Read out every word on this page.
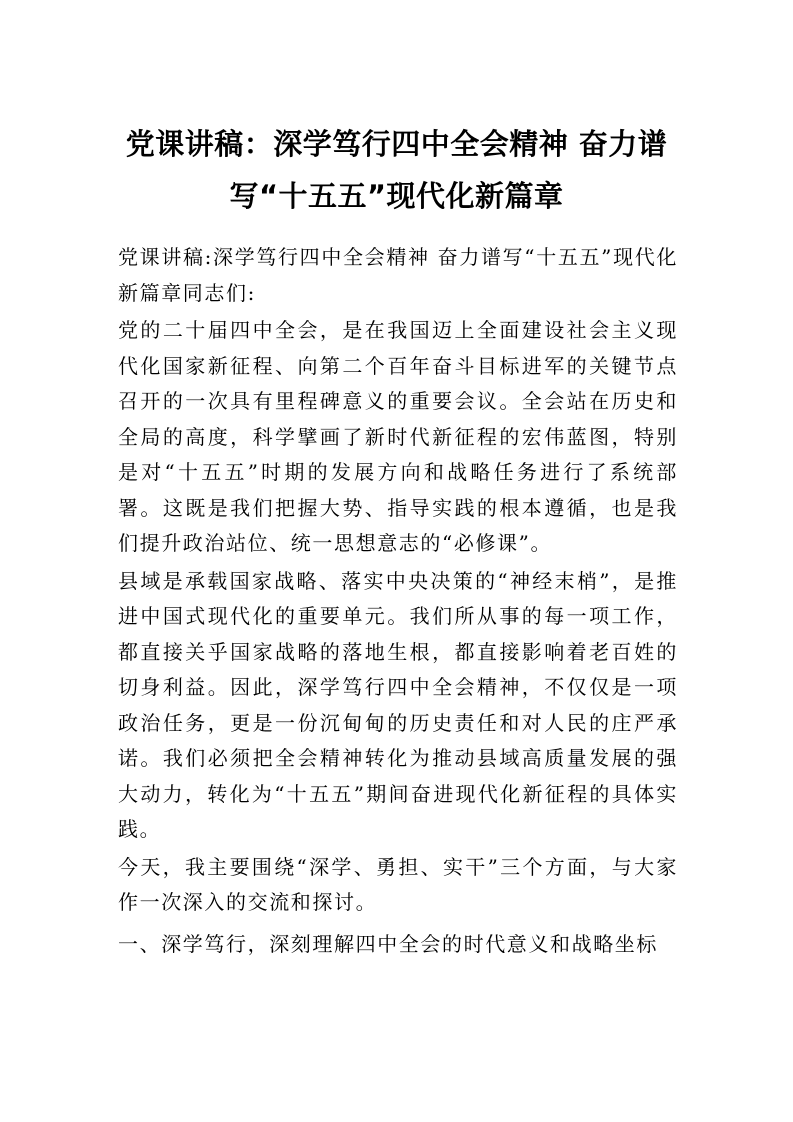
党课讲稿：深学笃行四中全会精神 奋力谱写“十五五”现代化新篇章

党课讲稿:深学笃行四中全会精神 奋力谱写“十五五”现代化新篇章同志们:

党的二十届四中全会，是在我国迈上全面建设社会主义现代化国家新征程、向第二个百年奋斗目标进军的关键节点召开的一次具有里程碑意义的重要会议。全会站在历史和全局的高度，科学擘画了新时代新征程的宏伟蓝图，特别是对“十五五”时期的发展方向和战略任务进行了系统部署。这既是我们把握大势、指导实践的根本遵循，也是我们提升政治站位、统一思想意志的“必修课”。

县域是承载国家战略、落实中央决策的“神经末梢”，是推进中国式现代化的重要单元。我们所从事的每一项工作，都直接关乎国家战略的落地生根，都直接影响着老百姓的切身利益。因此，深学笃行四中全会精神，不仅仅是一项政治任务，更是一份沉甸甸的历史责任和对人民的庄严承诺。我们必须把全会精神转化为推动县域高质量发展的强大动力，转化为“十五五”期间奋进现代化新征程的具体实践。

今天，我主要围绕“深学、勇担、实干”三个方面，与大家作一次深入的交流和探讨。

一、深学笃行，深刻理解四中全会的时代意义和战略坐标
